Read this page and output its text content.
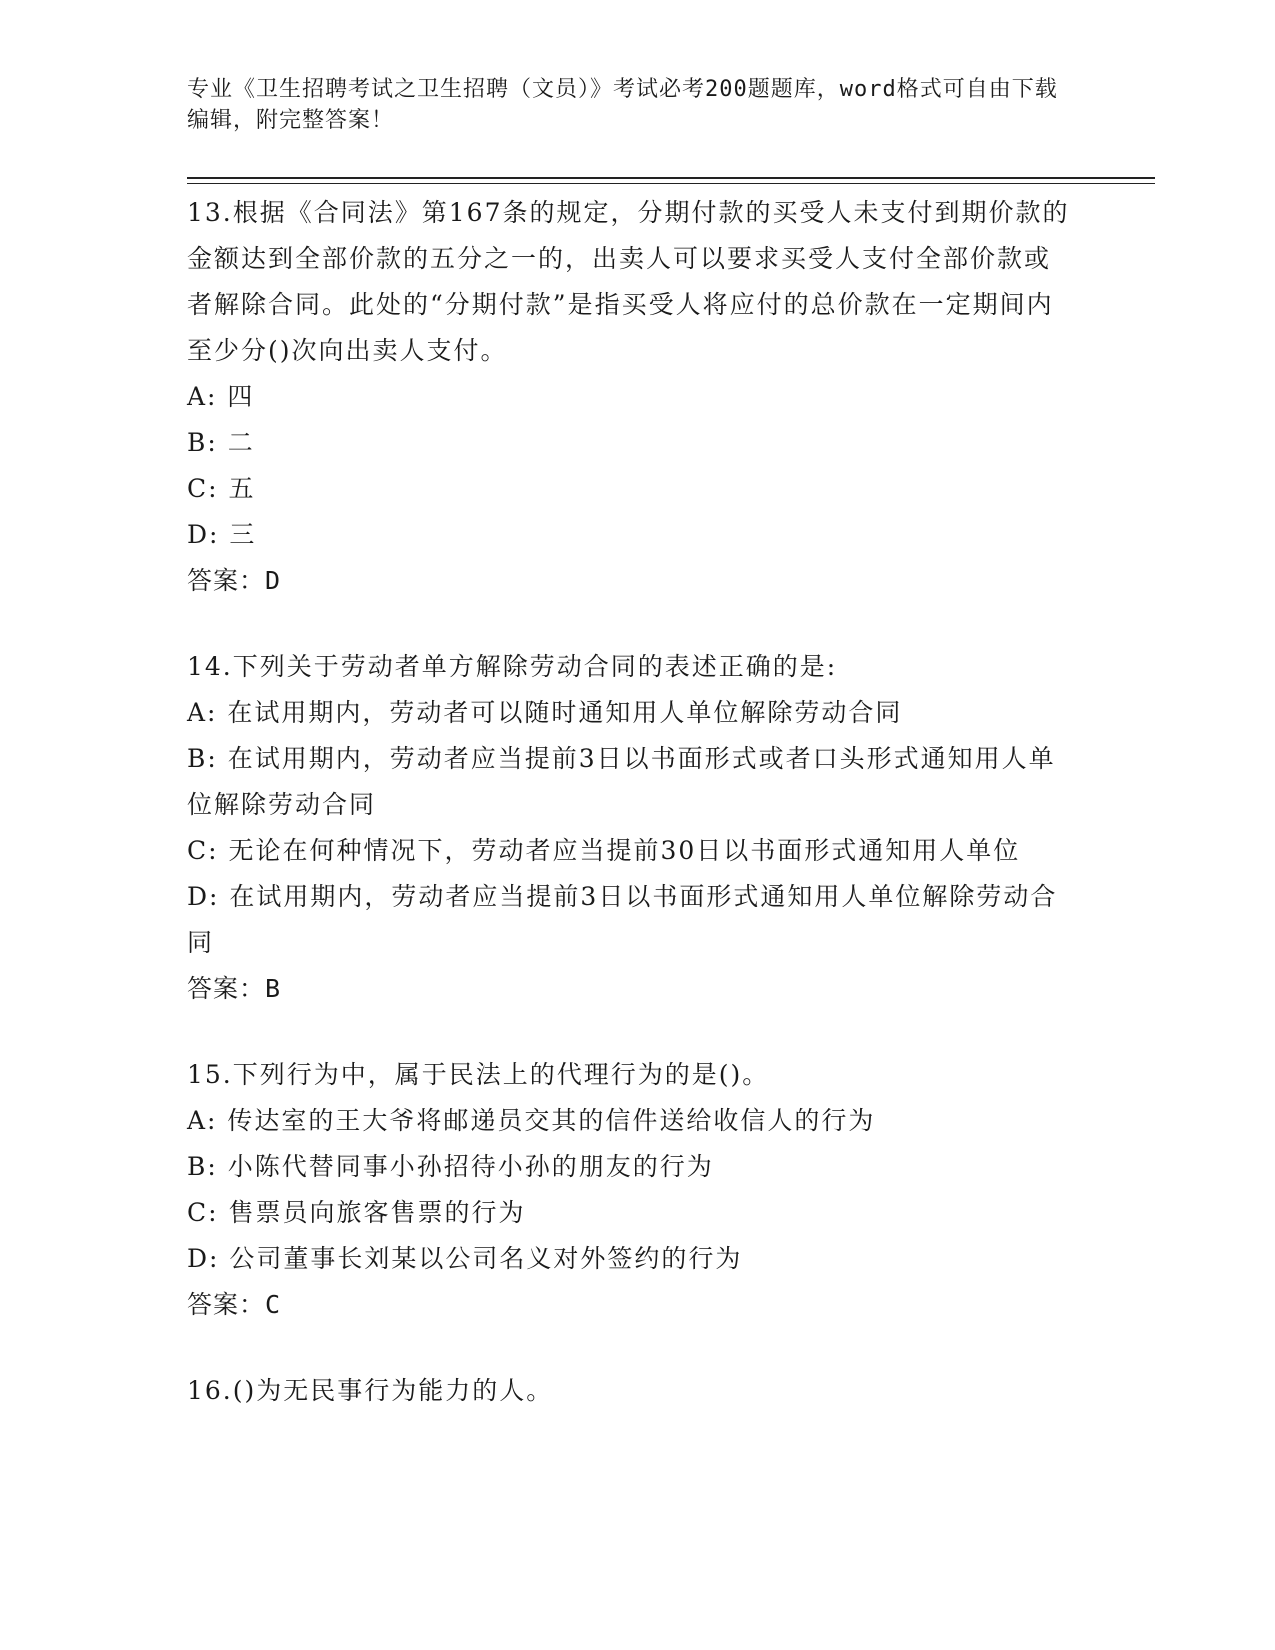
专业《卫生招聘考试之卫生招聘（文员）》考试必考200题题库，word格式可自由下载编辑，附完整答案！

13.根据《合同法》第167条的规定，分期付款的买受人未支付到期价款的金额达到全部价款的五分之一的，出卖人可以要求买受人支付全部价款或者解除合同。此处的“分期付款”是指买受人将应付的总价款在一定期间内至少分()次向出卖人支付。

A: 四

B: 二

C: 五

D: 三

答案：D

14.下列关于劳动者单方解除劳动合同的表述正确的是:

A: 在试用期内，劳动者可以随时通知用人单位解除劳动合同

B: 在试用期内，劳动者应当提前3日以书面形式或者口头形式通知用人单位解除劳动合同

C: 无论在何种情况下，劳动者应当提前30日以书面形式通知用人单位

D: 在试用期内，劳动者应当提前3日以书面形式通知用人单位解除劳动合同

答案：B

15.下列行为中，属于民法上的代理行为的是()。

A: 传达室的王大爷将邮递员交其的信件送给收信人的行为

B: 小陈代替同事小孙招待小孙的朋友的行为

C: 售票员向旅客售票的行为

D: 公司董事长刘某以公司名义对外签约的行为

答案：C

16.()为无民事行为能力的人。
